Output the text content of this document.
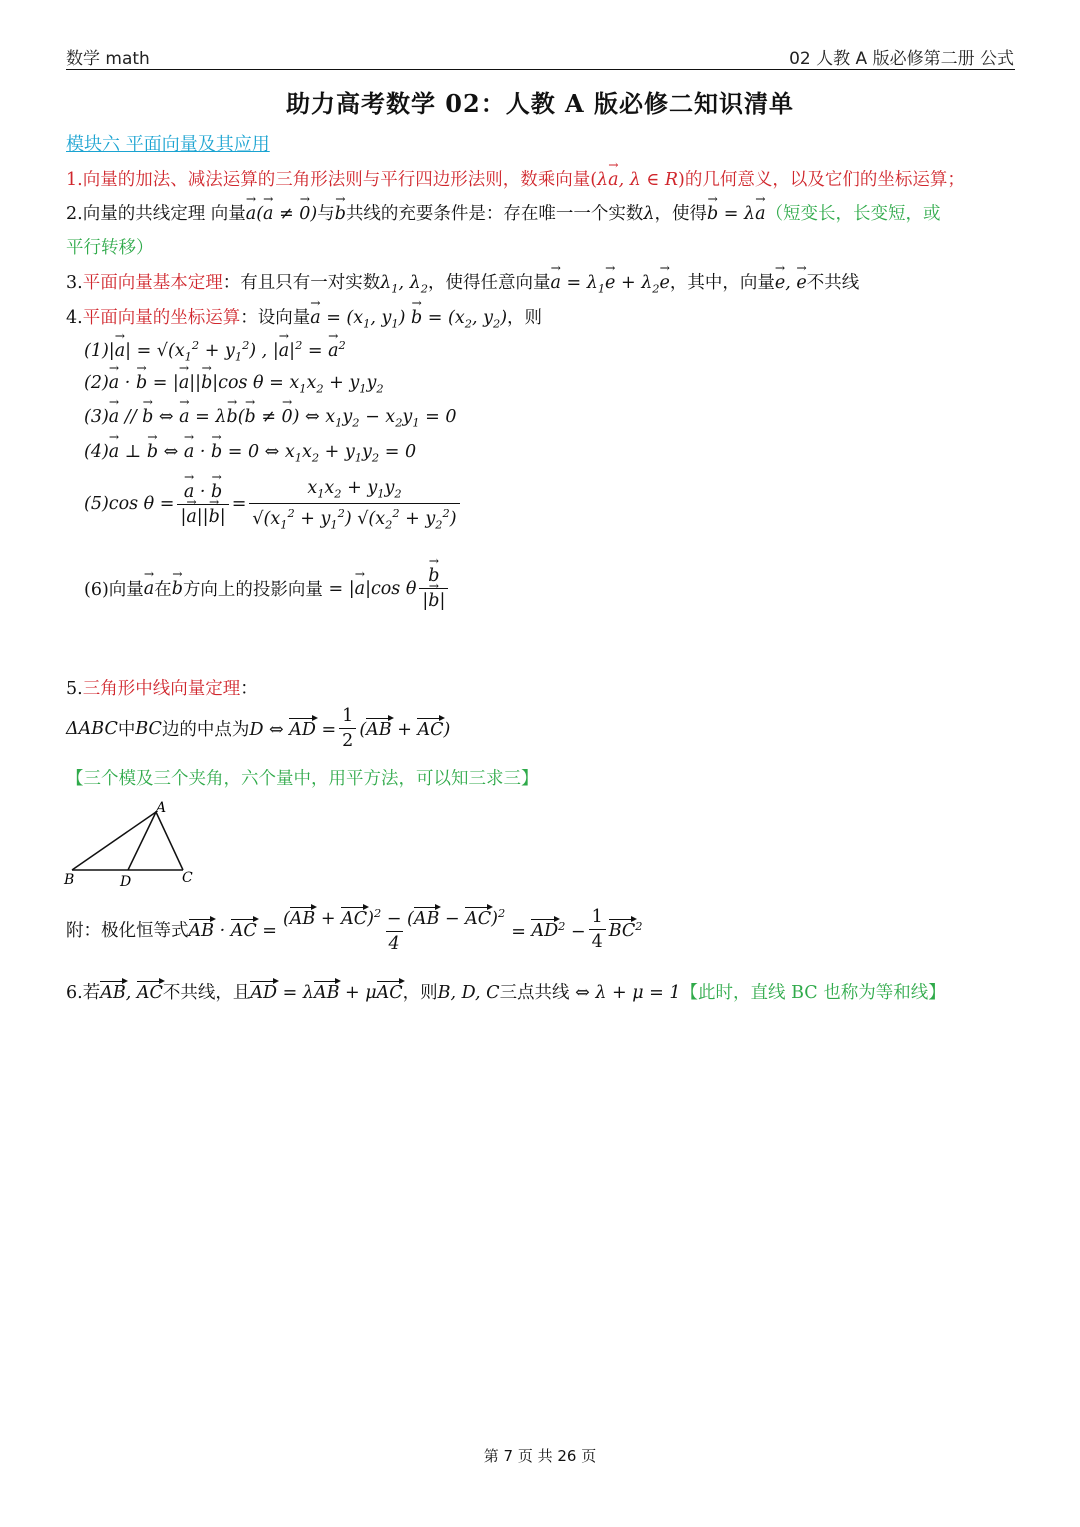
数学 math	02 人教 A 版必修第二册 公式
助力高考数学 02：人教 A 版必修二知识清单
模块六 平面向量及其应用
1.向量的加法、减法运算的三角形法则与平行四边形法则，数乘向量(λ→ a, λ ∈ R)的几何意义，以及它们的坐标运算；
2.向量的共线定理 向量→ a(→ a ≠ → 0)与→ b共线的充要条件是：存在唯一一个实数λ，使得→ b = λ→ a（短变长，长变短，或
平行转移）
3.平面向量基本定理：有且只有一对实数$\lambda_1$, $\lambda_2$，使得任意向量→ $a = \lambda_1\to e + \lambda_2\to e$，其中，向量→ e, → e不共线
4.平面向量的坐标运算：设向量→ $a = (x_1$, $y_1) \to b = (x_2$, $y_2$)，则
$(1)|\to a| = √(x_1^2 + y_1^2)$ , |→ $a|^2$ = → $a^2$
(2)→ a · → b = |→ a||→ b|cos $\theta = x_1x_2 + y_1y_2$
(3)→ a // → b ⇔ → a = λ→ b(→ b ≠ → 0) ⇔ $x_1y_2 - x_2y_1 = 0$
(4)→ a ⊥ → b ⇔ → a · → b = 0 ⇔ $x_1x_2 + y_1y_2 = 0$
(5)cos θ =
→ $\frac{a \cdot \to b}{|\to a||\to b|} = \frac{x_1x_2 + y_1y_2}{√(x_1^2 + y_1^2) √(x_2^2 + y_2^2)}$
(6)向量
→ a 在
→ b 方向上的投影向量 = |→ a|cos θ
→ $\frac{b}{|\to b|}$
5.三角形中线向量定理：
ΔABC 中 BC 边的中点为 D ⇔ AD = $\frac{1}{2} (AB + AC)$
【三个模及三个夹角，六个量中，用平方法，可以知三求三】
A
B	D	C
附：极化恒等式 AB · AC = $\frac{(AB + AC)^2 - (AB - AC)^2}{4} = AD^2 - \frac{1}{4} BC^2$
6.若AB, AC不共线，且AD = λAB + μAC，则B, D, C三点共线 ⇔ λ + μ = 1【此时，直线 BC 也称为等和线】
第 7 页 共 26 页
